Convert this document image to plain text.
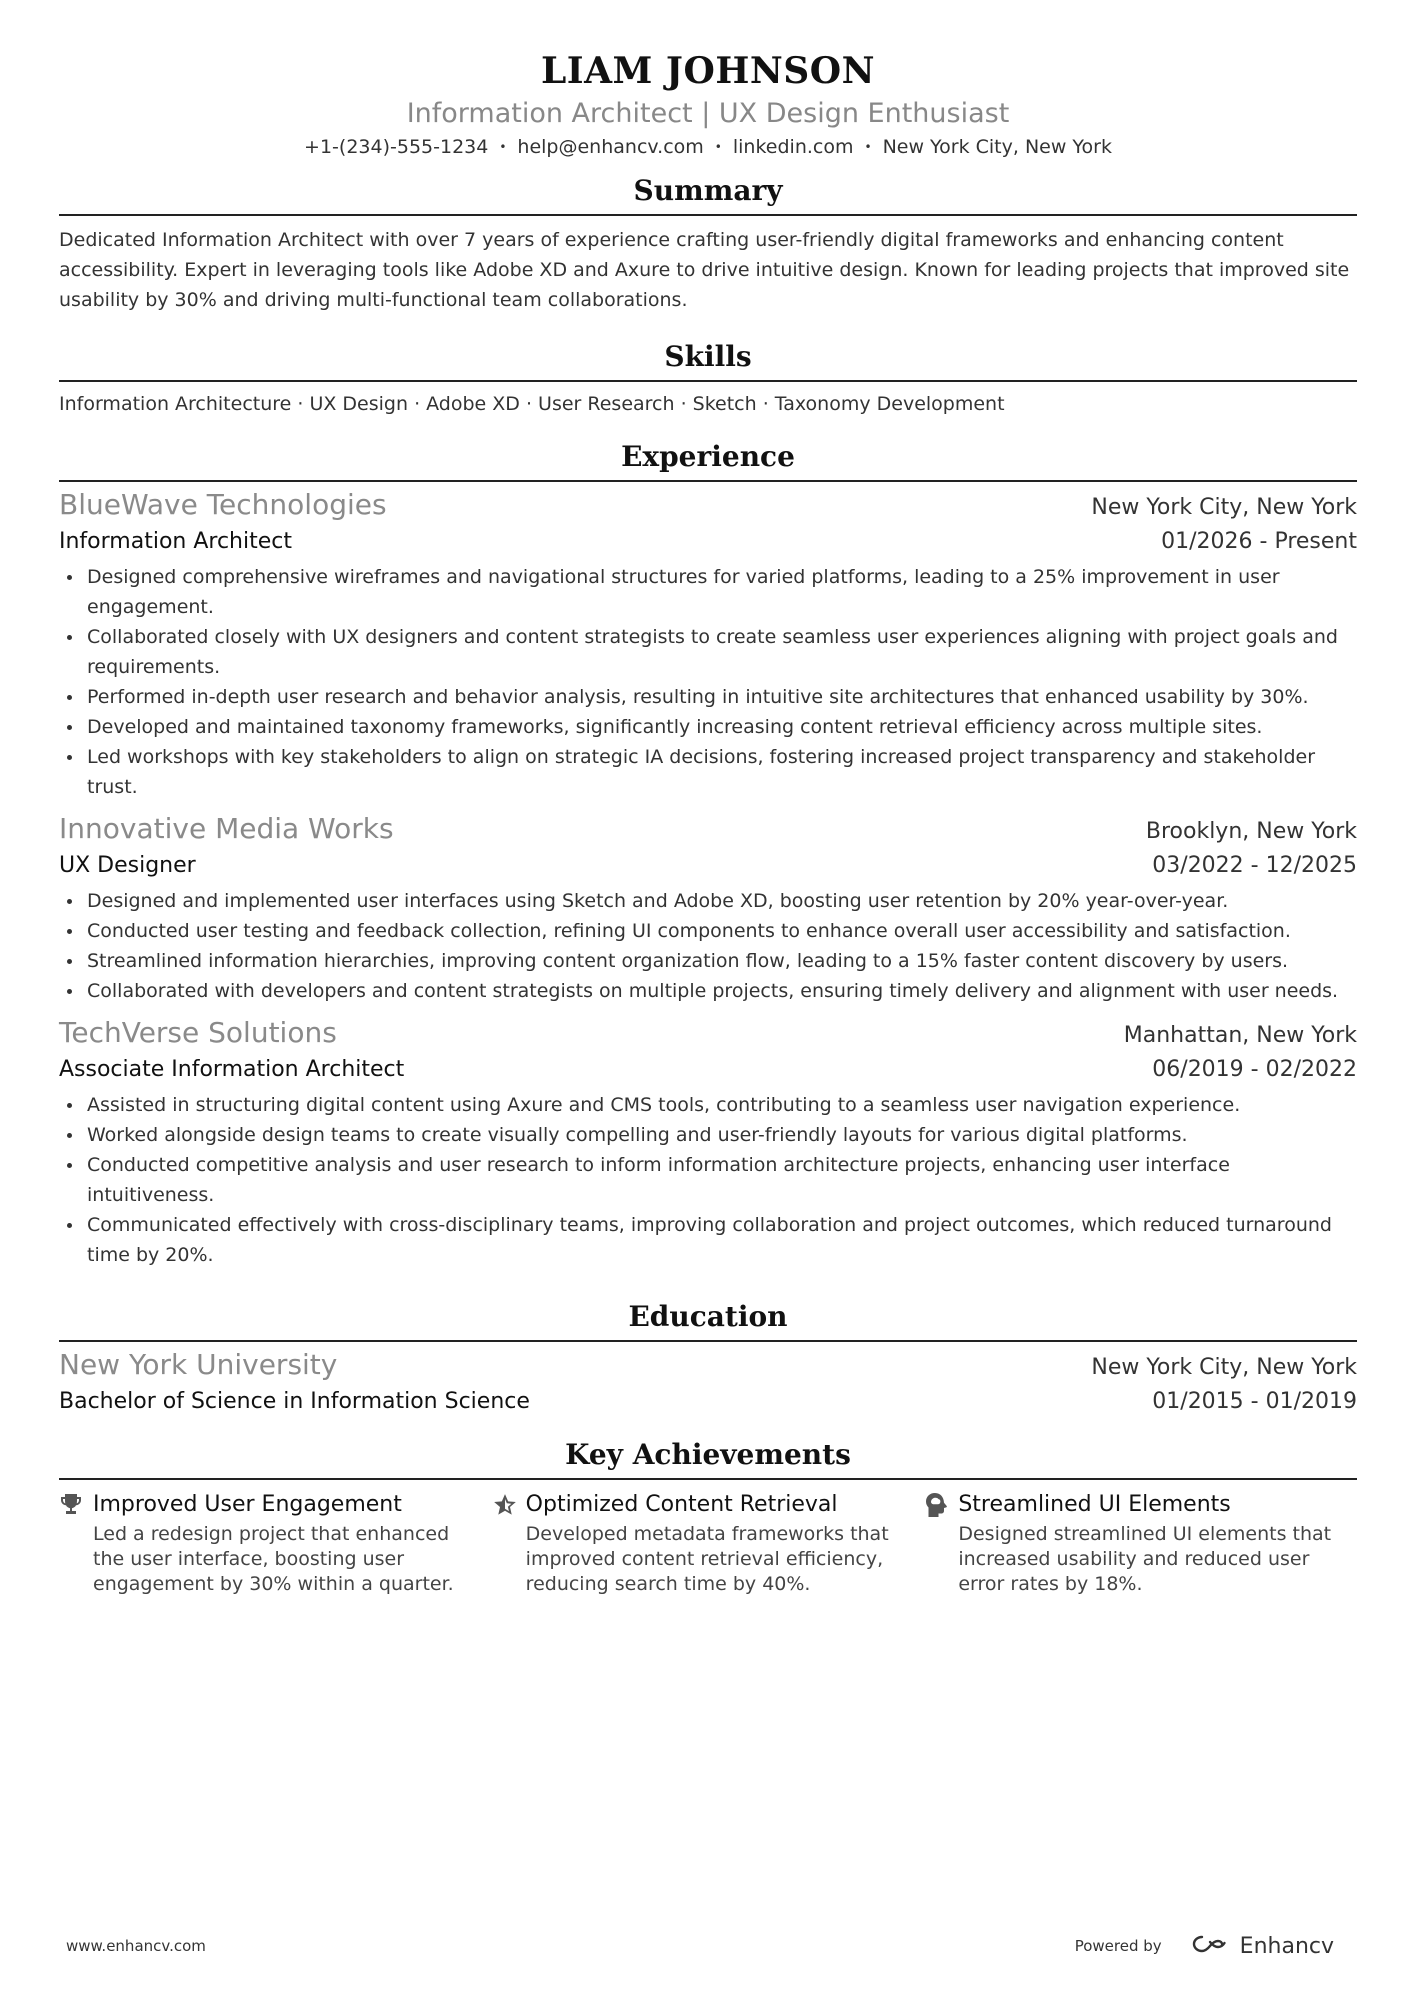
LIAM JOHNSON
Information Architect | UX Design Enthusiast
+1-(234)-555-1234 • help@enhancv.com • linkedin.com • New York City, New York
Summary
Dedicated Information Architect with over 7 years of experience crafting user-friendly digital frameworks and enhancing content accessibility. Expert in leveraging tools like Adobe XD and Axure to drive intuitive design. Known for leading projects that improved site usability by 30% and driving multi-functional team collaborations.
Skills
Information Architecture · UX Design · Adobe XD · User Research · Sketch · Taxonomy Development
Experience
BlueWave Technologies	New York City, New York
Information Architect	01/2026 - Present
Designed comprehensive wireframes and navigational structures for varied platforms, leading to a 25% improvement in user engagement.
Collaborated closely with UX designers and content strategists to create seamless user experiences aligning with project goals and requirements.
Performed in-depth user research and behavior analysis, resulting in intuitive site architectures that enhanced usability by 30%.
Developed and maintained taxonomy frameworks, significantly increasing content retrieval efficiency across multiple sites.
Led workshops with key stakeholders to align on strategic IA decisions, fostering increased project transparency and stakeholder trust.
Innovative Media Works	Brooklyn, New York
UX Designer	03/2022 - 12/2025
Designed and implemented user interfaces using Sketch and Adobe XD, boosting user retention by 20% year-over-year.
Conducted user testing and feedback collection, refining UI components to enhance overall user accessibility and satisfaction.
Streamlined information hierarchies, improving content organization flow, leading to a 15% faster content discovery by users.
Collaborated with developers and content strategists on multiple projects, ensuring timely delivery and alignment with user needs.
TechVerse Solutions	Manhattan, New York
Associate Information Architect	06/2019 - 02/2022
Assisted in structuring digital content using Axure and CMS tools, contributing to a seamless user navigation experience.
Worked alongside design teams to create visually compelling and user-friendly layouts for various digital platforms.
Conducted competitive analysis and user research to inform information architecture projects, enhancing user interface intuitiveness.
Communicated effectively with cross-disciplinary teams, improving collaboration and project outcomes, which reduced turnaround time by 20%.
Education
New York University	New York City, New York
Bachelor of Science in Information Science	01/2015 - 01/2019
Key Achievements
Improved User Engagement
Led a redesign project that enhanced the user interface, boosting user engagement by 30% within a quarter.
Optimized Content Retrieval
Developed metadata frameworks that improved content retrieval efficiency, reducing search time by 40%.
Streamlined UI Elements
Designed streamlined UI elements that increased usability and reduced user error rates by 18%.
www.enhancv.com	Powered by	Enhancv
